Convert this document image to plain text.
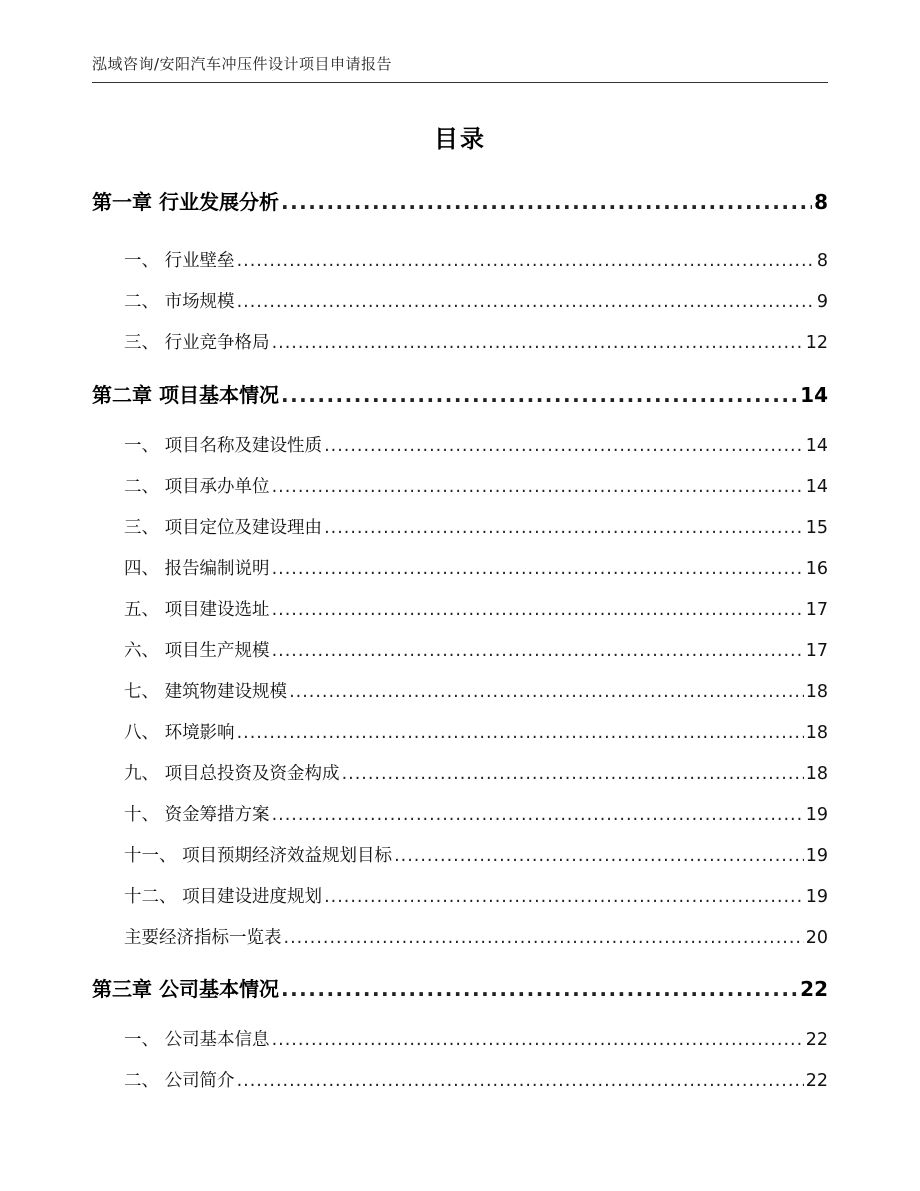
泓域咨询/安阳汽车冲压件设计项目申请报告
目录
第一章 行业发展分析 .....	8
一、 行业壁垒 .....	8
二、 市场规模 .....	9
三、 行业竞争格局 .....	12
第二章 项目基本情况 .....	14
一、 项目名称及建设性质 .....	14
二、 项目承办单位 .....	14
三、 项目定位及建设理由 .....	15
四、 报告编制说明 .....	16
五、 项目建设选址 .....	17
六、 项目生产规模 .....	17
七、 建筑物建设规模 .....	18
八、 环境影响 .....	18
九、 项目总投资及资金构成 .....	18
十、 资金筹措方案 .....	19
十一、 项目预期经济效益规划目标 .....	19
十二、 项目建设进度规划 .....	19
主要经济指标一览表 .....	20
第三章 公司基本情况 .....	22
一、 公司基本信息 .....	22
二、 公司简介 .....	22
